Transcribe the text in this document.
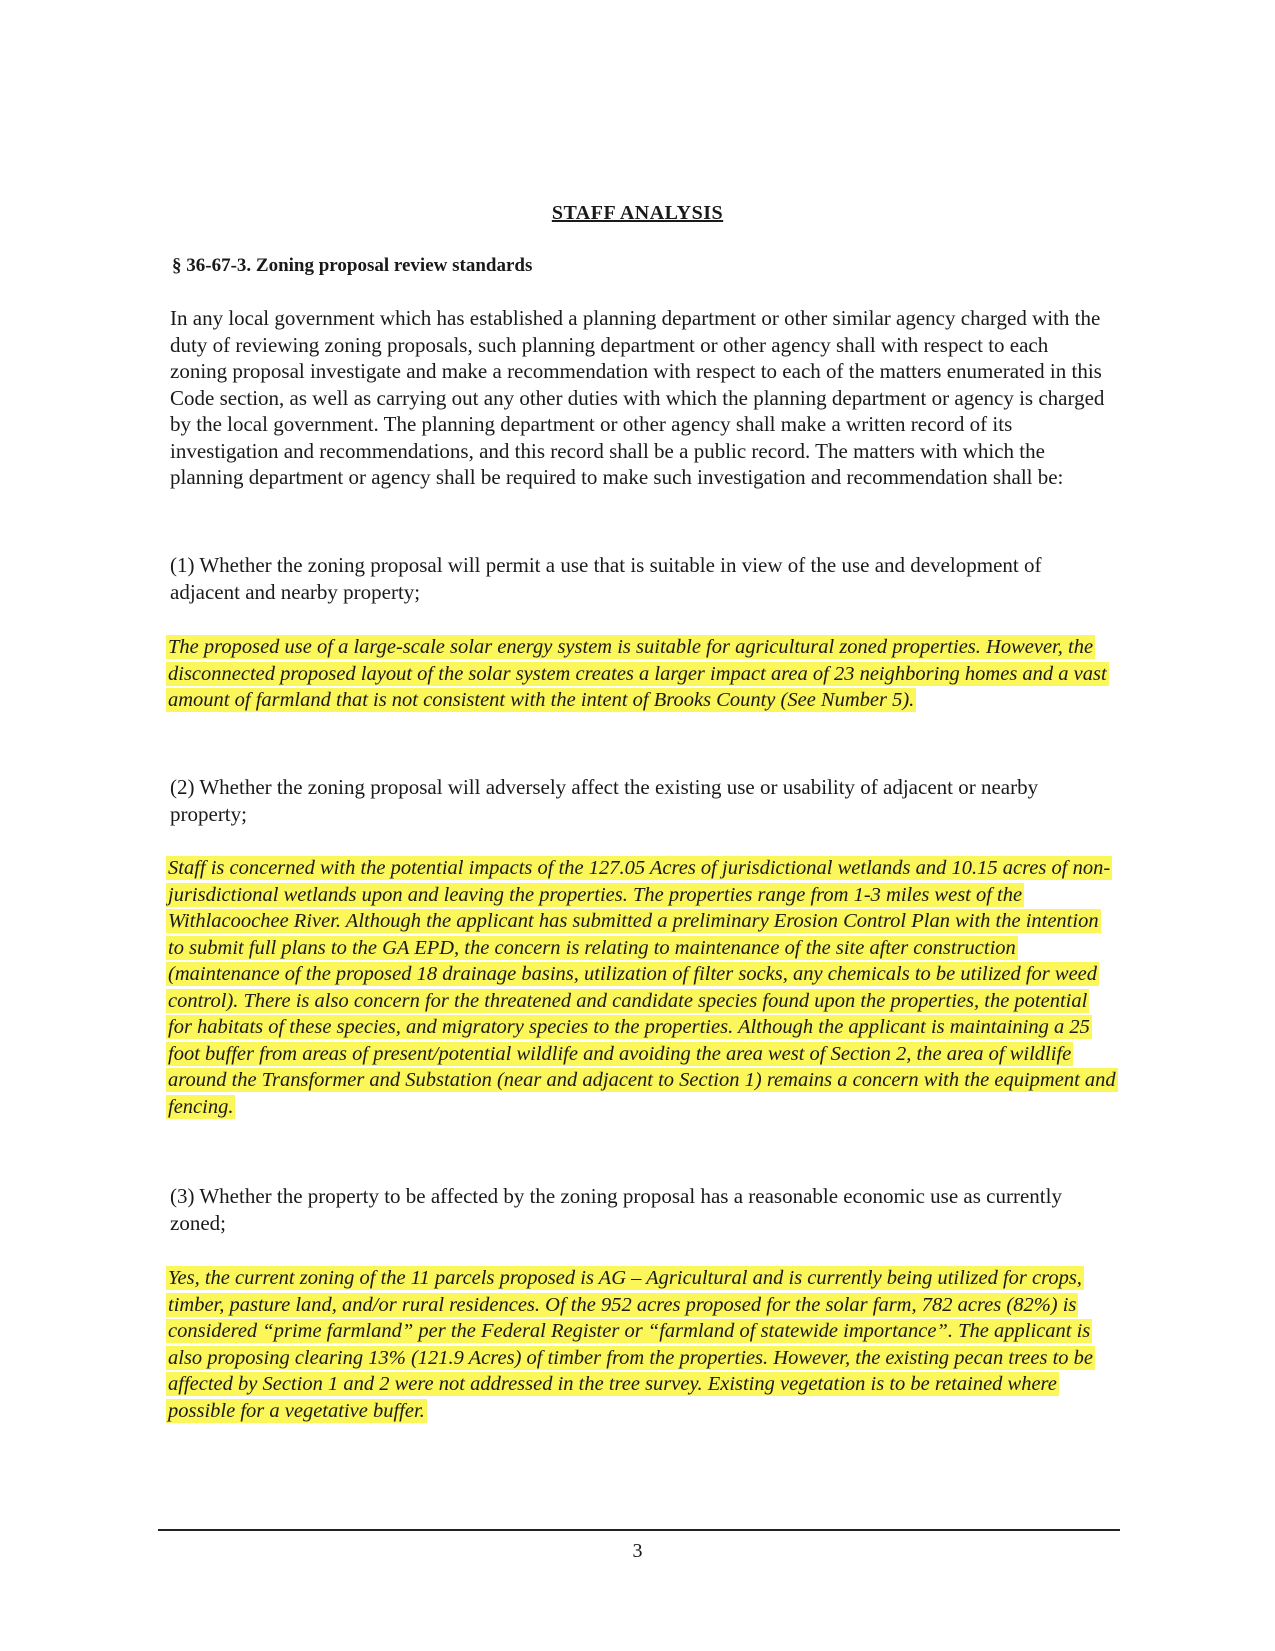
STAFF ANALYSIS
§ 36-67-3. Zoning proposal review standards

In any local government which has established a planning department or other similar agency charged with the duty of reviewing zoning proposals, such planning department or other agency shall with respect to each zoning proposal investigate and make a recommendation with respect to each of the matters enumerated in this Code section, as well as carrying out any other duties with which the planning department or agency is charged by the local government. The planning department or other agency shall make a written record of its investigation and recommendations, and this record shall be a public record. The matters with which the planning department or agency shall be required to make such investigation and recommendation shall be:

(1) Whether the zoning proposal will permit a use that is suitable in view of the use and development of adjacent and nearby property;

The proposed use of a large-scale solar energy system is suitable for agricultural zoned properties. However, the disconnected proposed layout of the solar system creates a larger impact area of 23 neighboring homes and a vast amount of farmland that is not consistent with the intent of Brooks County (See Number 5).

(2) Whether the zoning proposal will adversely affect the existing use or usability of adjacent or nearby property;

Staff is concerned with the potential impacts of the 127.05 Acres of jurisdictional wetlands and 10.15 acres of non-jurisdictional wetlands upon and leaving the properties. The properties range from 1-3 miles west of the Withlacoochee River. Although the applicant has submitted a preliminary Erosion Control Plan with the intention to submit full plans to the GA EPD, the concern is relating to maintenance of the site after construction (maintenance of the proposed 18 drainage basins, utilization of filter socks, any chemicals to be utilized for weed control). There is also concern for the threatened and candidate species found upon the properties, the potential for habitats of these species, and migratory species to the properties. Although the applicant is maintaining a 25 foot buffer from areas of present/potential wildlife and avoiding the area west of Section 2, the area of wildlife around the Transformer and Substation (near and adjacent to Section 1) remains a concern with the equipment and fencing.

(3) Whether the property to be affected by the zoning proposal has a reasonable economic use as currently zoned;

Yes, the current zoning of the 11 parcels proposed is AG – Agricultural and is currently being utilized for crops, timber, pasture land, and/or rural residences. Of the 952 acres proposed for the solar farm, 782 acres (82%) is considered “prime farmland” per the Federal Register or “farmland of statewide importance”. The applicant is also proposing clearing 13% (121.9 Acres) of timber from the properties. However, the existing pecan trees to be affected by Section 1 and 2 were not addressed in the tree survey. Existing vegetation is to be retained where possible for a vegetative buffer.

3
